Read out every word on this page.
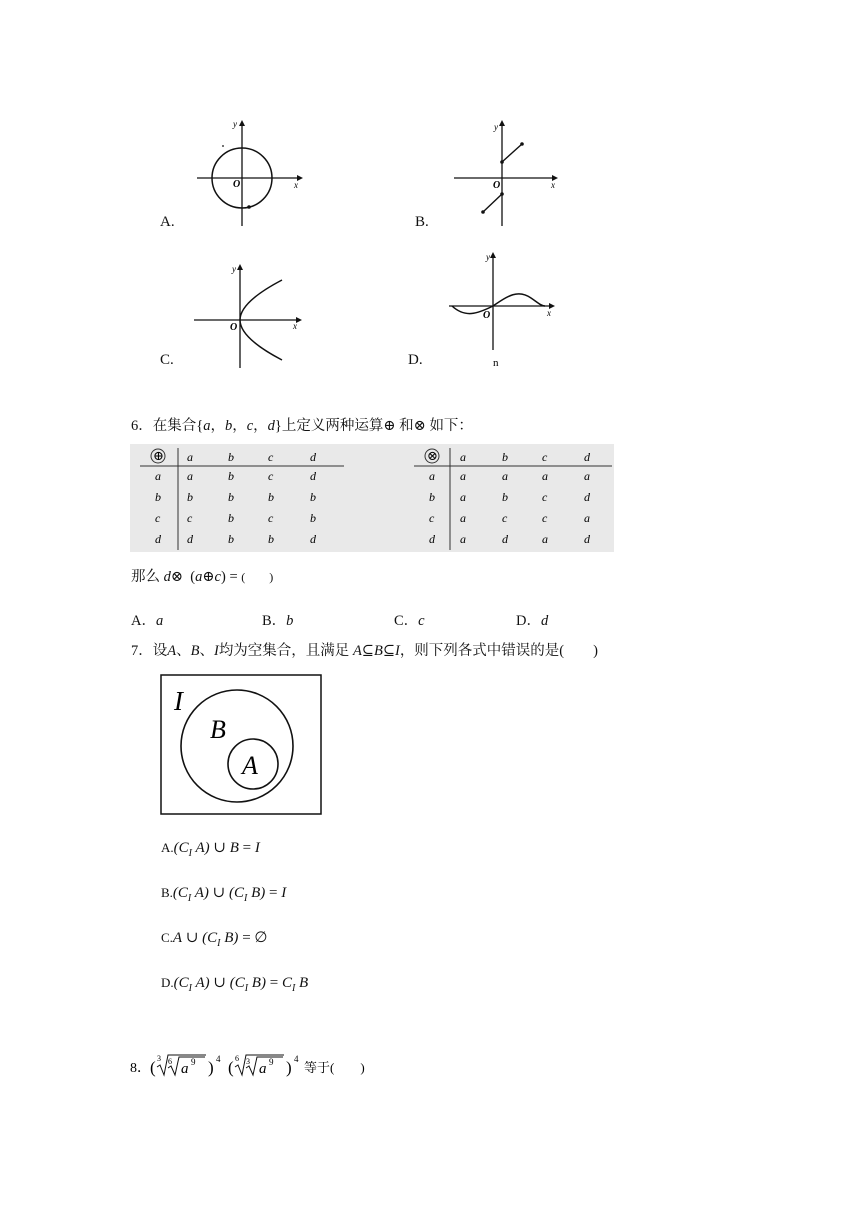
y
x
O
A.
y
x
O
B.
y
x
O
C.
y
x
O
n
D.
6．在集合{a，b，c，d}上定义两种运算⊕ 和⊗ 如下：
⊕ a	b	c	d
a a	b	c	d
b b	b	b	b
c c	b	c	b
d d	b	b	d
⊗ a	b	c	d
a a	a	a	a
b a	b	c	d
c a	c	c	a
d a	d	a	d
那么 d⊗ (a⊕c) = (　　)
A．a	B．b	C．c	D．d
7．设A、B、I均为空集合，且满足 A⊆B⊆I，则下列各式中错误的是(　　)
I
B
A
$A.(C_I$ A) ∪ B = I
$B.(C_I$ A) ∪ ($C_I$ B) = I
C.A ∪ ($C_I$ B) = ∅
$D.(C_I$ A) ∪ ($C_I$ $B) = C_I$ B
8． ( 3 6 a 9 ) 4 ( 6 3 a 9 ) 4
等于(　　)
